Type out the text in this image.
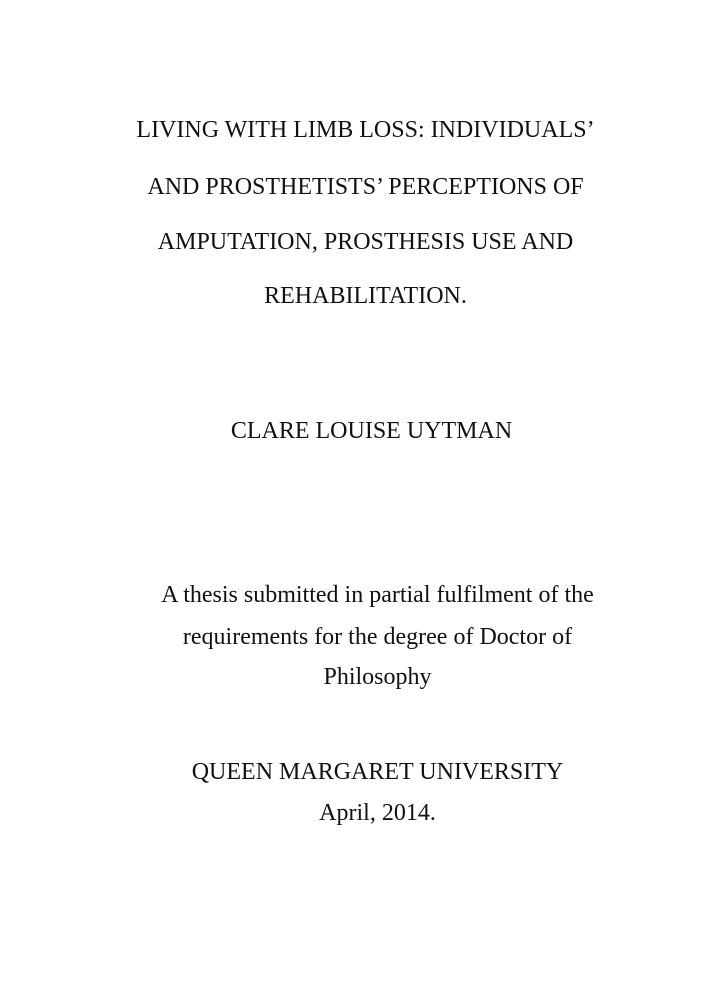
LIVING WITH LIMB LOSS: INDIVIDUALS’
AND PROSTHETISTS’ PERCEPTIONS OF
AMPUTATION, PROSTHESIS USE AND
REHABILITATION.
CLARE LOUISE UYTMAN
A thesis submitted in partial fulfilment of the
requirements for the degree of Doctor of
Philosophy
QUEEN MARGARET UNIVERSITY
April, 2014.
